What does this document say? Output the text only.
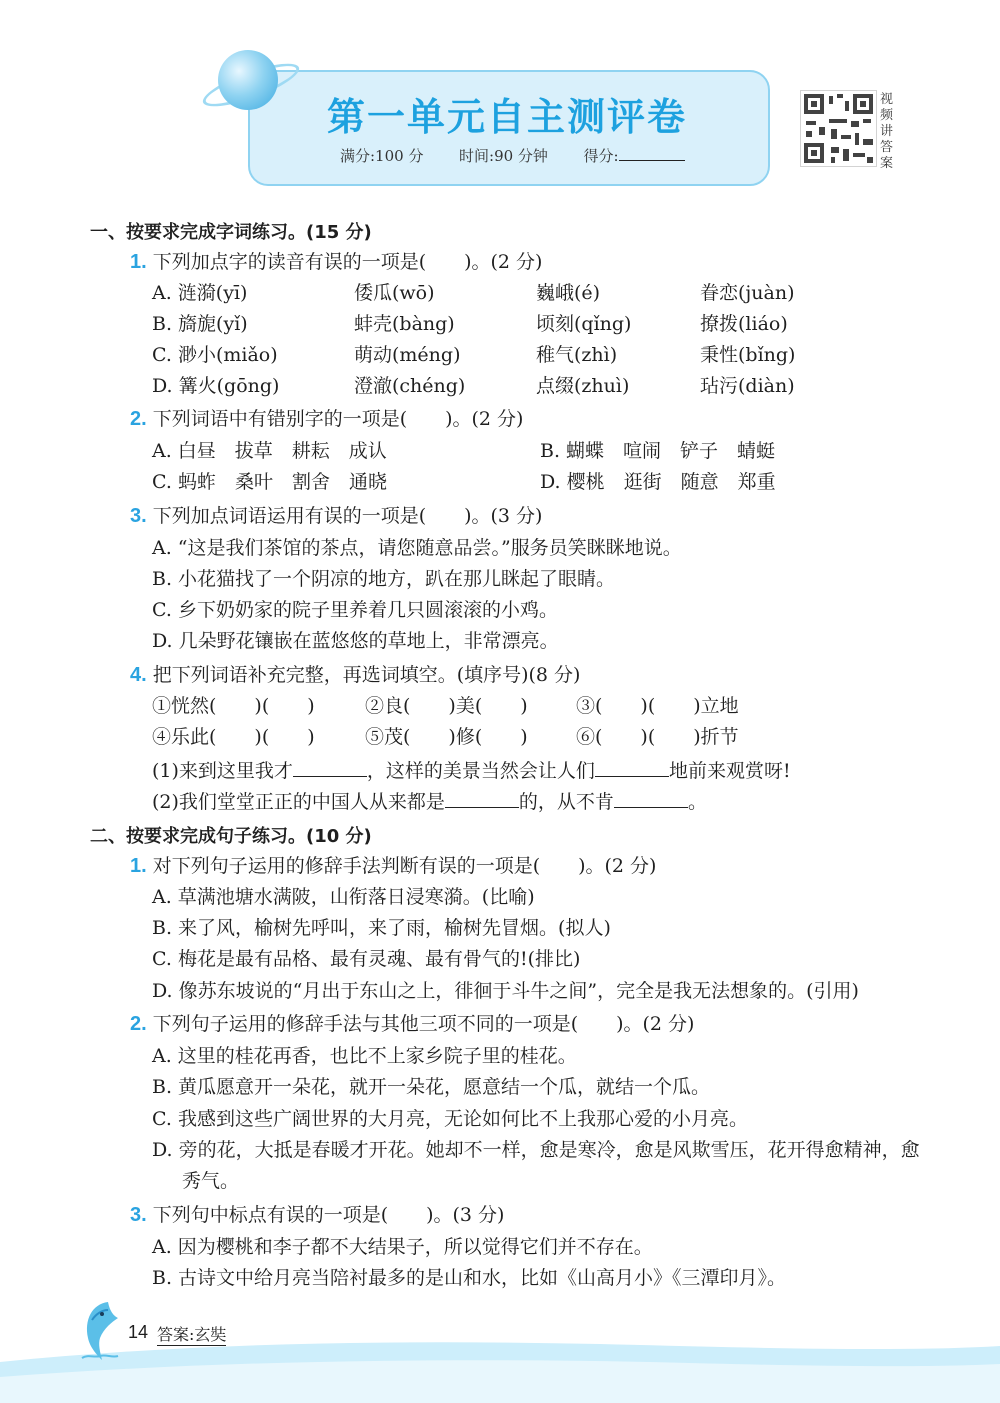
第一单元自主测评卷
满分:100 分 时间:90 分钟 得分:
视频讲答案
一、按要求完成字词练习。(15 分)
1. 下列加点字的读音有误的一项是(　　)。(2 分)
A. 涟漪(yī)	倭瓜(wō)	巍峨(é)	眷恋(juàn)
B. 旖旎(yǐ)	蚌壳(bàng)	顷刻(qǐng)	撩拨(liáo)
C. 渺小(miǎo)	萌动(méng)	稚气(zhì)	秉性(bǐng)
D. 篝火(gōng)	澄澈(chéng)	点缀(zhuì)	玷污(diàn)
2. 下列词语中有错别字的一项是(　　)。(2 分)
A. 白昼　拔草　耕耘　成认	B. 蝴蝶　喧闹　铲子　蜻蜓
C. 蚂蚱　桑叶　割舍　通晓	D. 樱桃　逛街　随意　郑重
3. 下列加点词语运用有误的一项是(　　)。(3 分)
A. “这是我们茶馆的茶点，请您随意品尝。”服务员笑眯眯地说。
B. 小花猫找了一个阴凉的地方，趴在那儿眯起了眼睛。
C. 乡下奶奶家的院子里养着几只圆滚滚的小鸡。
D. 几朵野花镶嵌在蓝悠悠的草地上，非常漂亮。
4. 把下列词语补充完整，再选词填空。(填序号)(8 分)
①恍然(　　)(　　)	②良(　　)美(　　)	③(　　)(　　)立地
④乐此(　　)(　　)	⑤茂(　　)修(　　)	⑥(　　)(　　)折节
(1)来到这里我才	，这样的美景当然会让人们	地前来观赏呀!
(2)我们堂堂正正的中国人从来都是	的，从不肯	。
二、按要求完成句子练习。(10 分)
1. 对下列句子运用的修辞手法判断有误的一项是(　　)。(2 分)
A. 草满池塘水满陂，山衔落日浸寒漪。(比喻)
B. 来了风，榆树先呼叫，来了雨，榆树先冒烟。(拟人)
C. 梅花是最有品格、最有灵魂、最有骨气的!(排比)
D. 像苏东坡说的“月出于东山之上，徘徊于斗牛之间”，完全是我无法想象的。(引用)
2. 下列句子运用的修辞手法与其他三项不同的一项是(　　)。(2 分)
A. 这里的桂花再香，也比不上家乡院子里的桂花。
B. 黄瓜愿意开一朵花，就开一朵花，愿意结一个瓜，就结一个瓜。
C. 我感到这些广阔世界的大月亮，无论如何比不上我那心爱的小月亮。
D. 旁的花，大抵是春暖才开花。她却不一样，愈是寒冷，愈是风欺雪压，花开得愈精神，愈
秀气。
3. 下列句中标点有误的一项是(　　)。(3 分)
A. 因为樱桃和李子都不大结果子，所以觉得它们并不存在。
B. 古诗文中给月亮当陪衬最多的是山和水，比如《山高月小》《三潭印月》。
14 答案:玄奘
